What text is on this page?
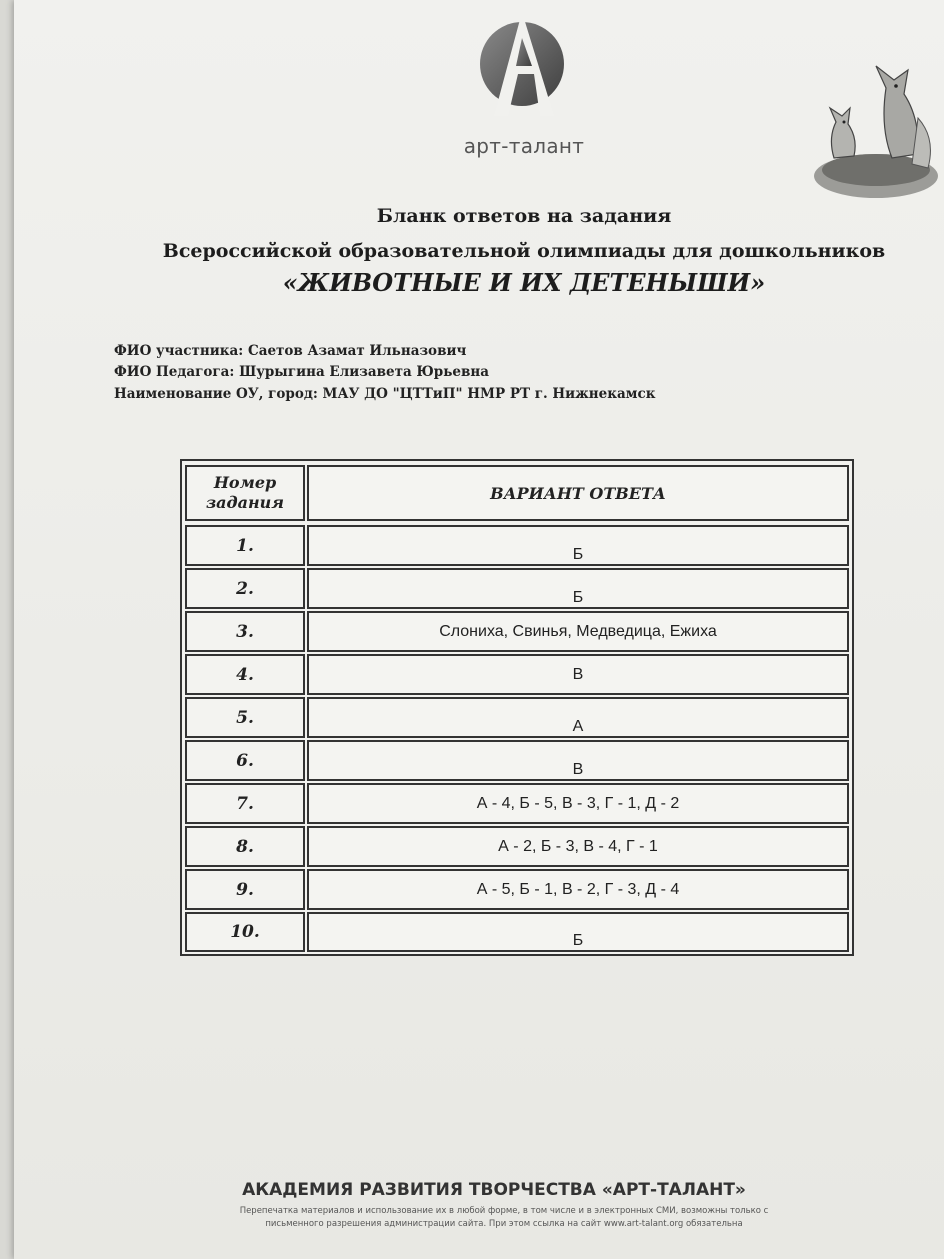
арт-талант
Бланк ответов на задания
Всероссийской образовательной олимпиады для дошкольников
«ЖИВОТНЫЕ И ИХ ДЕТЕНЫШИ»
ФИО участника: Саетов Азамат Ильназович
ФИО Педагога: Шурыгина Елизавета Юрьевна
Наименование ОУ, город: МАУ ДО "ЦТТиП" НМР РТ г. Нижнекамск
Номер
задания	ВАРИАНТ ОТВЕТА
1.	Б
2.	Б
3.	Слониха, Свинья, Медведица, Ежиха
4.	В
5.	А
6.	В
7.	А - 4, Б - 5, В - 3, Г - 1, Д - 2
8.	А - 2, Б - 3, В - 4, Г - 1
9.	А - 5, Б - 1, В - 2, Г - 3, Д - 4
10.	Б
АКАДЕМИЯ РАЗВИТИЯ ТВОРЧЕСТВА «АРТ-ТАЛАНТ»
Перепечатка материалов и использование их в любой форме, в том числе и в электронных СМИ, возможны только с
письменного разрешения администрации сайта. При этом ссылка на сайт www.art-talant.org обязательна
